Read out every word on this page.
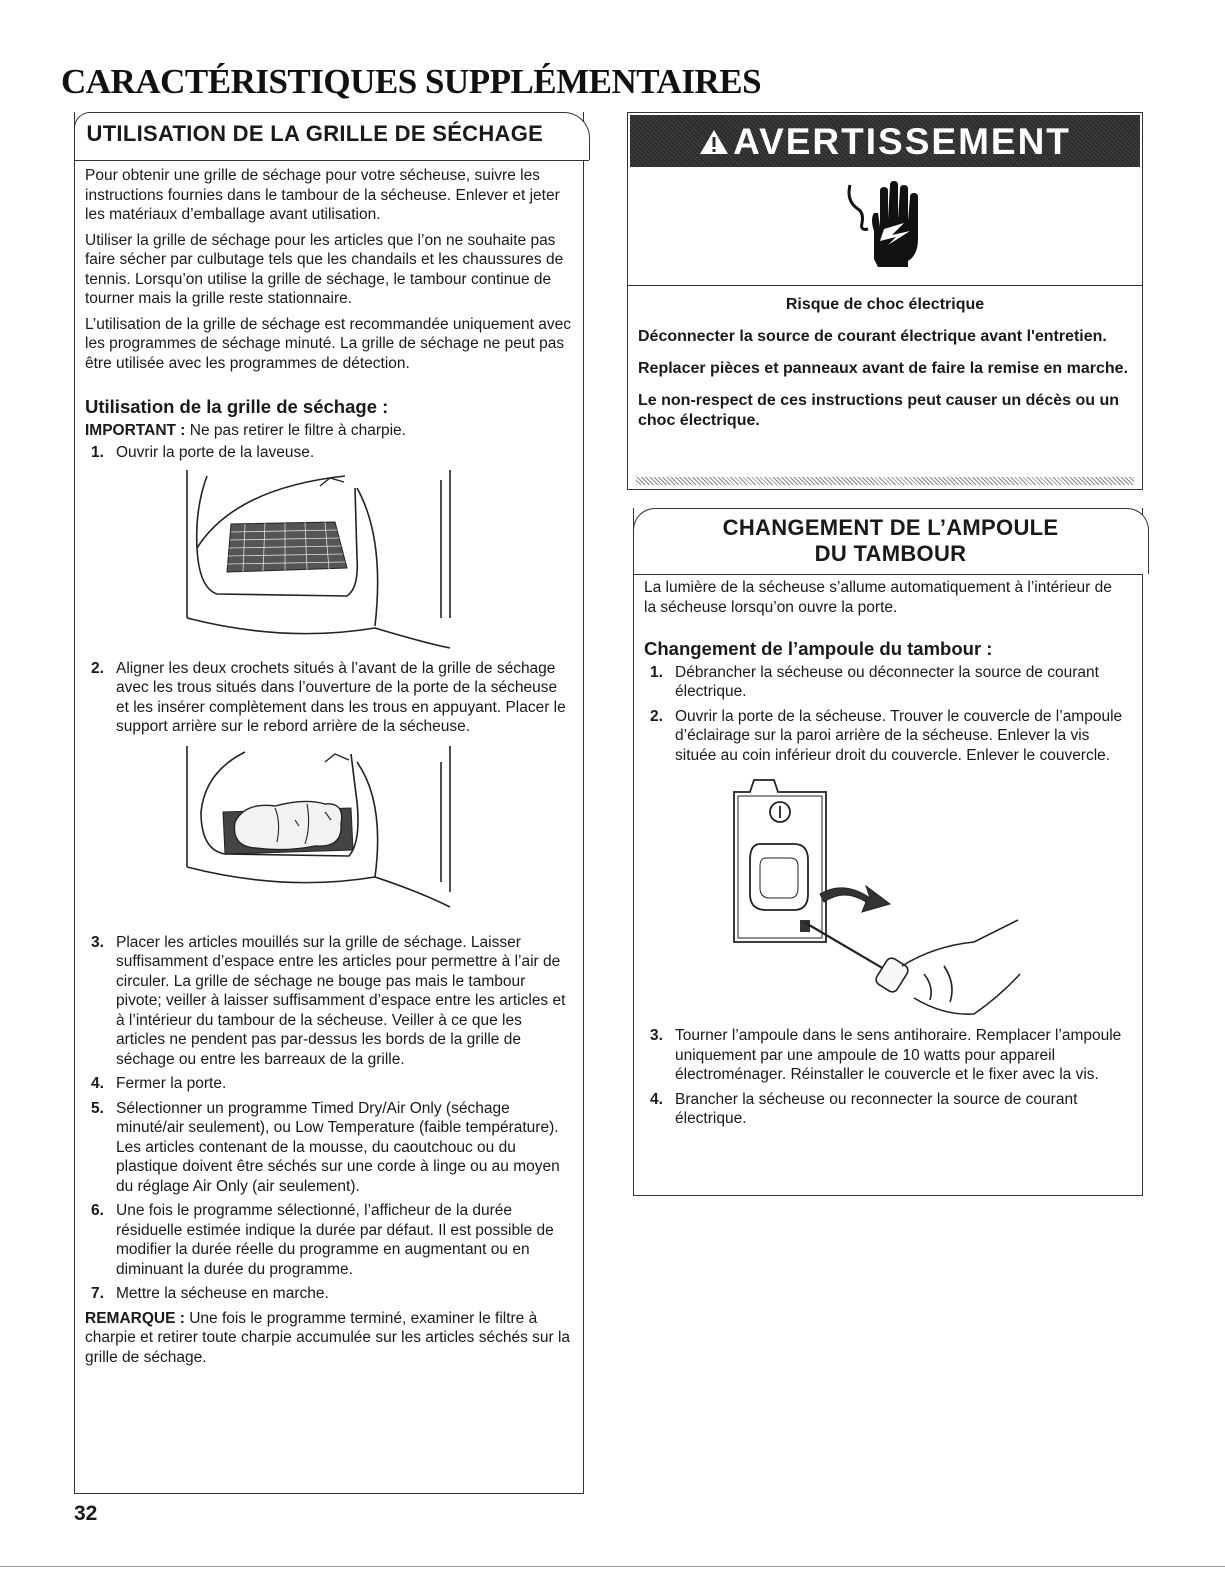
CARACTÉRISTIQUES SUPPLÉMENTAIRES
UTILISATION DE LA GRILLE DE SÉCHAGE

Pour obtenir une grille de séchage pour votre sécheuse, suivre les instructions fournies dans le tambour de la sécheuse. Enlever et jeter les matériaux d’emballage avant utilisation.

Utiliser la grille de séchage pour les articles que l’on ne souhaite pas faire sécher par culbutage tels que les chandails et les chaussures de tennis. Lorsqu’on utilise la grille de séchage, le tambour continue de tourner mais la grille reste stationnaire.

L’utilisation de la grille de séchage est recommandée uniquement avec les programmes de séchage minuté. La grille de séchage ne peut pas être utilisée avec les programmes de détection.

Utilisation de la grille de séchage :

IMPORTANT : Ne pas retirer le filtre à charpie.

1. Ouvrir la porte de la laveuse.
2. Aligner les deux crochets situés à l’avant de la grille de séchage avec les trous situés dans l’ouverture de la porte de la sécheuse et les insérer complètement dans les trous en appuyant. Placer le support arrière sur le rebord arrière de la sécheuse.
3. Placer les articles mouillés sur la grille de séchage. Laisser suffisamment d’espace entre les articles pour permettre à l’air de circuler. La grille de séchage ne bouge pas mais le tambour pivote; veiller à laisser suffisamment d’espace entre les articles et à l’intérieur du tambour de la sécheuse. Veiller à ce que les articles ne pendent pas par-dessus les bords de la grille de séchage ou entre les barreaux de la grille.
4. Fermer la porte.
5. Sélectionner un programme Timed Dry/Air Only (séchage minuté/air seulement), ou Low Temperature (faible température). Les articles contenant de la mousse, du caoutchouc ou du plastique doivent être séchés sur une corde à linge ou au moyen du réglage Air Only (air seulement).
6. Une fois le programme sélectionné, l’afficheur de la durée résiduelle estimée indique la durée par défaut. Il est possible de modifier la durée réelle du programme en augmentant ou en diminuant la durée du programme.
7. Mettre la sécheuse en marche.

REMARQUE : Une fois le programme terminé, examiner le filtre à charpie et retirer toute charpie accumulée sur les articles séchés sur la grille de séchage.

AVERTISSEMENT

Risque de choc électrique

Déconnecter la source de courant électrique avant l'entretien.

Replacer pièces et panneaux avant de faire la remise en marche.

Le non-respect de ces instructions peut causer un décès ou un choc électrique.

CHANGEMENT DE L’AMPOULE
DU TAMBOUR

La lumière de la sécheuse s’allume automatiquement à l’intérieur de la sécheuse lorsqu’on ouvre la porte.

Changement de l’ampoule du tambour :
1. Débrancher la sécheuse ou déconnecter la source de courant électrique.
2. Ouvrir la porte de la sécheuse. Trouver le couvercle de l’ampoule d’éclairage sur la paroi arrière de la sécheuse. Enlever la vis située au coin inférieur droit du couvercle. Enlever le couvercle.
3. Tourner l’ampoule dans le sens antihoraire. Remplacer l’ampoule uniquement par une ampoule de 10 watts pour appareil électroménager. Réinstaller le couvercle et le fixer avec la vis.
4. Brancher la sécheuse ou reconnecter la source de courant électrique.
32
